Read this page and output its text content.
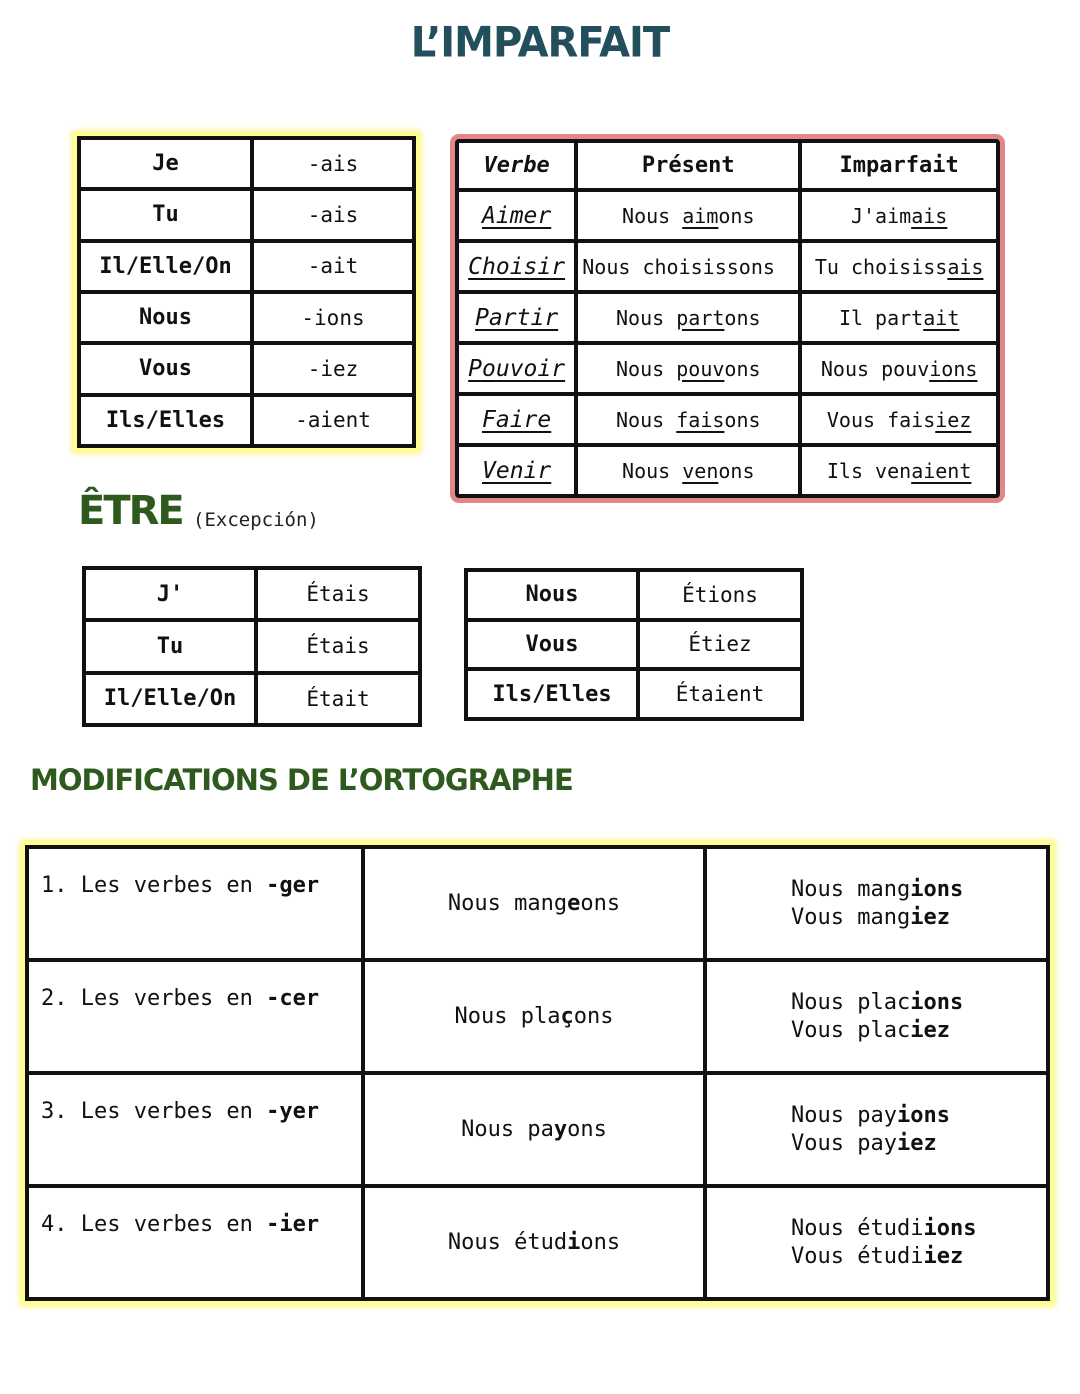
L’IMPARFAIT
Je	-ais
Tu	-ais
Il/Elle/On	-ait
Nous	-ions
Vous	-iez
Ils/Elles	-aient
Verbe	Présent	Imparfait
Aimer	Nous aimons	J'aimais
Choisir	Nous choisissons	Tu choisissais
Partir	Nous partons	Il partait
Pouvoir	Nous pouvons	Nous pouvions
Faire	Nous faisons	Vous faisiez
Venir	Nous venons	Ils venaient
ÊTRE (Excepción)
J'	Étais
Tu	Étais
Il/Elle/On	Était
Nous	Étions
Vous	Étiez
Ils/Elles	Étaient
MODIFICATIONS DE L’ORTOGRAPHE
1. Les verbes en -ger	Nous mangeons	Nous mangions
Vous mangiez

2. Les verbes en -cer	Nous plaçons	Nous placions
Vous placiez

3. Les verbes en -yer	Nous payons	Nous payions
Vous payiez

4. Les verbes en -ier	Nous étudions	Nous étudiions
Vous étudiiez
